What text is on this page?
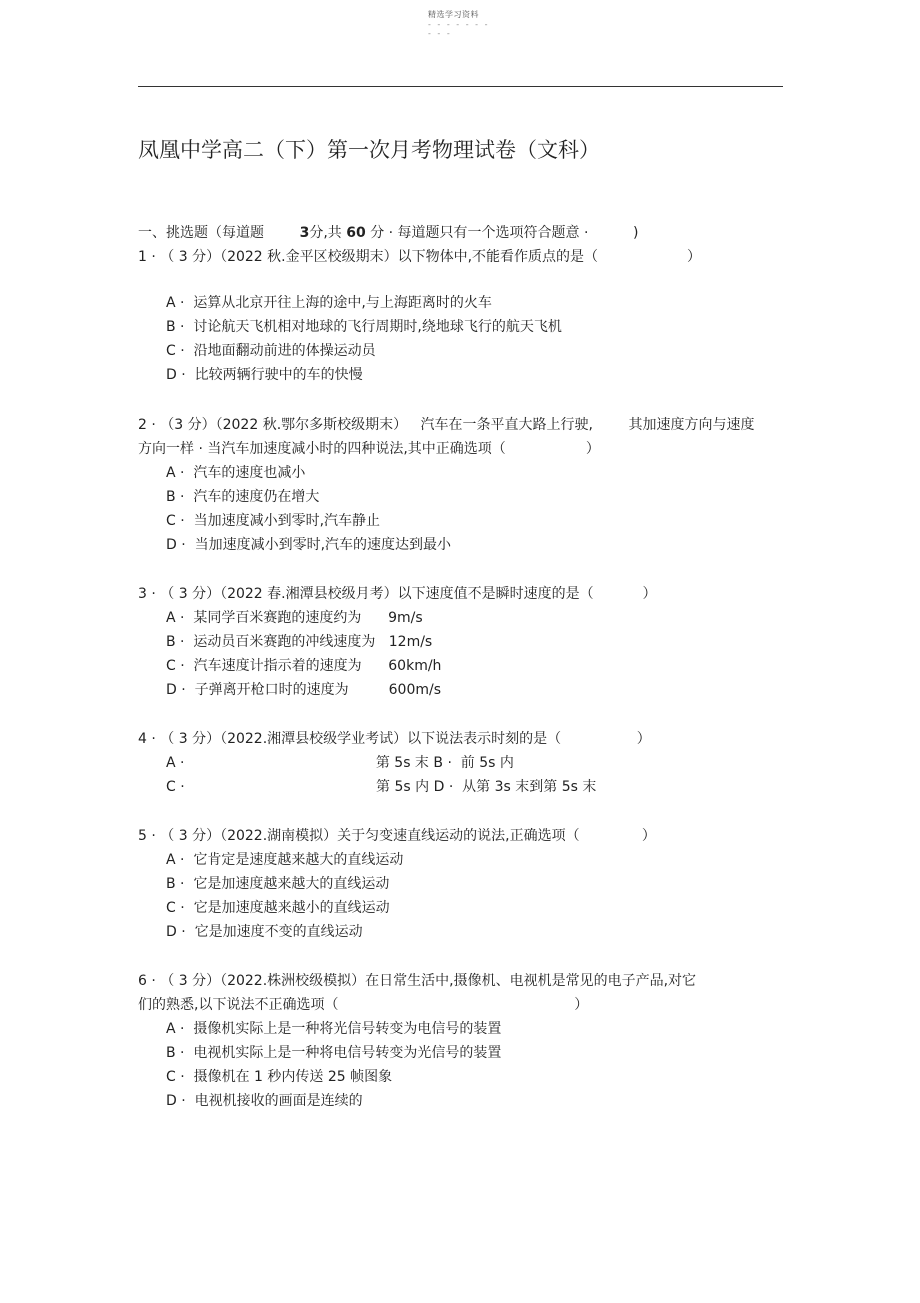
精选学习资料
- - - - - - -
- - -
凤凰中学高二（下）第一次月考物理试卷（文科）
一、挑选题（每道题	3分,共 60 分 · 每道题只有一个选项符合题意 ·	)
1 · （ 3 分）（2022 秋.金平区校级期末）以下物体中,不能看作质点的是（                    ）
A ·  运算从北京开往上海的途中,与上海距离时的火车
B ·  讨论航天飞机相对地球的飞行周期时,绕地球飞行的航天飞机
C ·  沿地面翻动前进的体操运动员
D ·  比较两辆行驶中的车的快慢
2 · （3 分）（2022 秋.鄂尔多斯校级期末）   汽车在一条平直大路上行驶,        其加速度方向与速度
方向一样 · 当汽车加速度减小时的四种说法,其中正确选项（                  ）
A ·  汽车的速度也减小
B ·  汽车的速度仍在增大
C ·  当加速度减小到零时,汽车静止
D ·  当加速度减小到零时,汽车的速度达到最小
3 · （ 3 分）（2022 春.湘潭县校级月考）以下速度值不是瞬时速度的是（           ）
A ·  某同学百米赛跑的速度约为      9m/s
B ·  运动员百米赛跑的冲线速度为   12m/s
C ·  汽车速度计指示着的速度为      60km/h
D ·  子弹离开枪口时的速度为         600m/s
4 · （ 3 分）（2022.湘潭县校级学业考试）以下说法表示时刻的是（                 ）
A ·                                           第 5s 末 B ·  前 5s 内
C ·                                           第 5s 内 D ·  从第 3s 末到第 5s 末
5 · （ 3 分）（2022.湖南模拟）关于匀变速直线运动的说法,正确选项（              ）
A ·  它肯定是速度越来越大的直线运动
B ·  它是加速度越来越大的直线运动
C ·  它是加速度越来越小的直线运动
D ·  它是加速度不变的直线运动
6 · （ 3 分）（2022.株洲校级模拟）在日常生活中,摄像机、电视机是常见的电子产品,对它
们的熟悉,以下说法不正确选项（                                                     ）
A ·  摄像机实际上是一种将光信号转变为电信号的装置
B ·  电视机实际上是一种将电信号转变为光信号的装置
C ·  摄像机在 1 秒内传送 25 帧图象
D ·  电视机接收的画面是连续的
